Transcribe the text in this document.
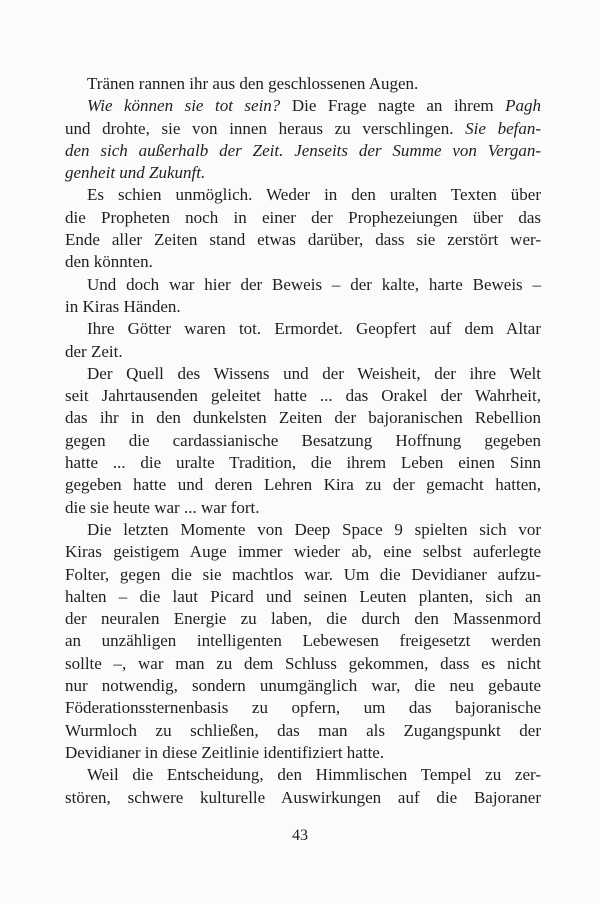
Tränen rannen ihr aus den geschlossenen Augen.
Wie können sie tot sein? Die Frage nagte an ihrem Pagh
und drohte, sie von innen heraus zu verschlingen. Sie befan-
den sich außerhalb der Zeit. Jenseits der Summe von Vergan-
genheit und Zukunft.
Es schien unmöglich. Weder in den uralten Texten über
die Propheten noch in einer der Prophezeiungen über das
Ende aller Zeiten stand etwas darüber, dass sie zerstört wer-
den könnten.
Und doch war hier der Beweis – der kalte, harte Beweis –
in Kiras Händen.
Ihre Götter waren tot. Ermordet. Geopfert auf dem Altar
der Zeit.
Der Quell des Wissens und der Weisheit, der ihre Welt
seit Jahrtausenden geleitet hatte ... das Orakel der Wahrheit,
das ihr in den dunkelsten Zeiten der bajoranischen Rebellion
gegen die cardassianische Besatzung Hoffnung gegeben
hatte ... die uralte Tradition, die ihrem Leben einen Sinn
gegeben hatte und deren Lehren Kira zu der gemacht hatten,
die sie heute war ... war fort.
Die letzten Momente von Deep Space 9 spielten sich vor
Kiras geistigem Auge immer wieder ab, eine selbst auferlegte
Folter, gegen die sie machtlos war. Um die Devidianer aufzu-
halten – die laut Picard und seinen Leuten planten, sich an
der neuralen Energie zu laben, die durch den Massenmord
an unzähligen intelligenten Lebewesen freigesetzt werden
sollte –, war man zu dem Schluss gekommen, dass es nicht
nur notwendig, sondern unumgänglich war, die neu gebaute
Föderationssternenbasis zu opfern, um das bajoranische
Wurmloch zu schließen, das man als Zugangspunkt der
Devidianer in diese Zeitlinie identifiziert hatte.
Weil die Entscheidung, den Himmlischen Tempel zu zer-
stören, schwere kulturelle Auswirkungen auf die Bajoraner
43
